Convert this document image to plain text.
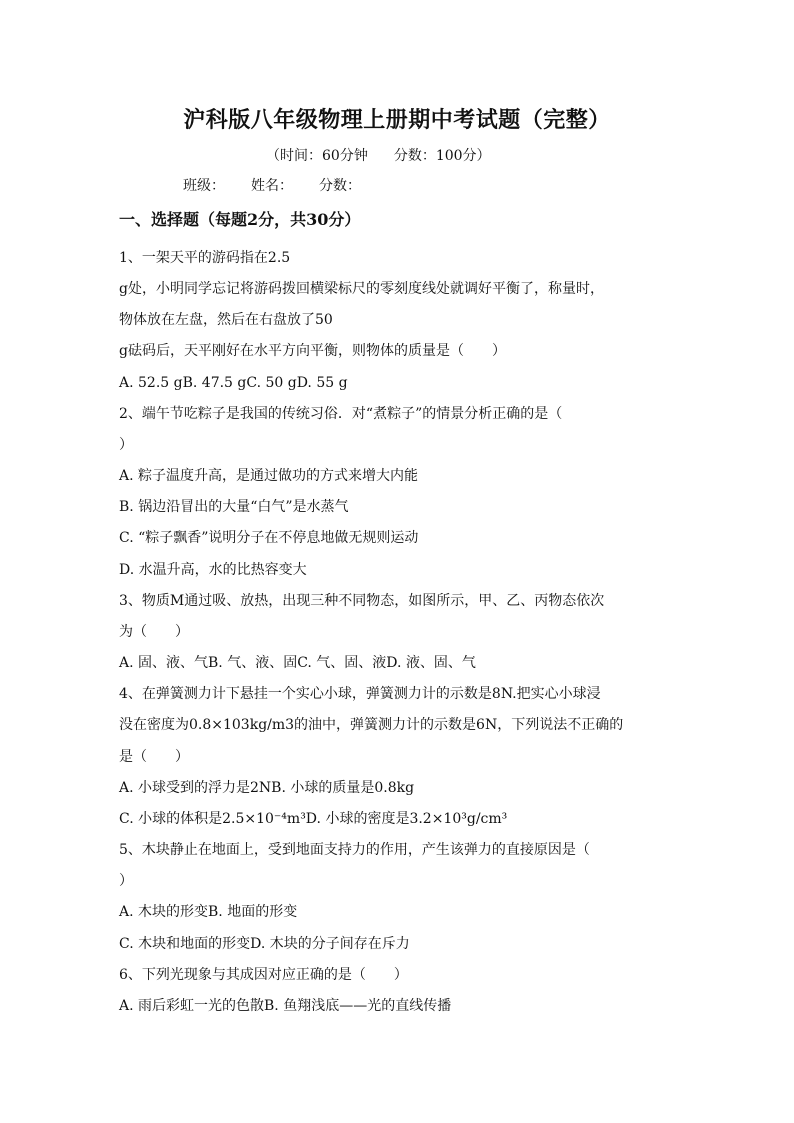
沪科版八年级物理上册期中考试题（完整）
（时间：60分钟 分数：100分）
班级： 姓名： 分数：
一、选择题（每题2分，共30分）
1、一架天平的游码指在2.5
g处，小明同学忘记将游码拨回横梁标尺的零刻度线处就调好平衡了，称量时，
物体放在左盘，然后在右盘放了50
g砝码后，天平刚好在水平方向平衡，则物体的质量是（　　）
A. 52.5 gB. 47.5 gC. 50 gD. 55 g
2、端午节吃粽子是我国的传统习俗．对“煮粽子”的情景分析正确的是（
）
A. 粽子温度升高，是通过做功的方式来增大内能
B. 锅边沿冒出的大量“白气”是水蒸气
C. “粽子飘香”说明分子在不停息地做无规则运动
D. 水温升高，水的比热容变大
3、物质M通过吸、放热，出现三种不同物态，如图所示，甲、乙、丙物态依次
为（　　）
A. 固、液、气B. 气、液、固C. 气、固、液D. 液、固、气
4、在弹簧测力计下悬挂一个实心小球，弹簧测力计的示数是8N.把实心小球浸
没在密度为0.8×103kg/m3的油中，弹簧测力计的示数是6N，下列说法不正确的
是（　　）
A. 小球受到的浮力是2NB. 小球的质量是0.8kg
C. 小球的体积是2.5×10⁻⁴m³D. 小球的密度是3.2×10³g/cm³
5、木块静止在地面上，受到地面支持力的作用，产生该弹力的直接原因是（
）
A. 木块的形变B. 地面的形变
C. 木块和地面的形变D. 木块的分子间存在斥力
6、下列光现象与其成因对应正确的是（　　）
A. 雨后彩虹一光的色散B. 鱼翔浅底——光的直线传播
